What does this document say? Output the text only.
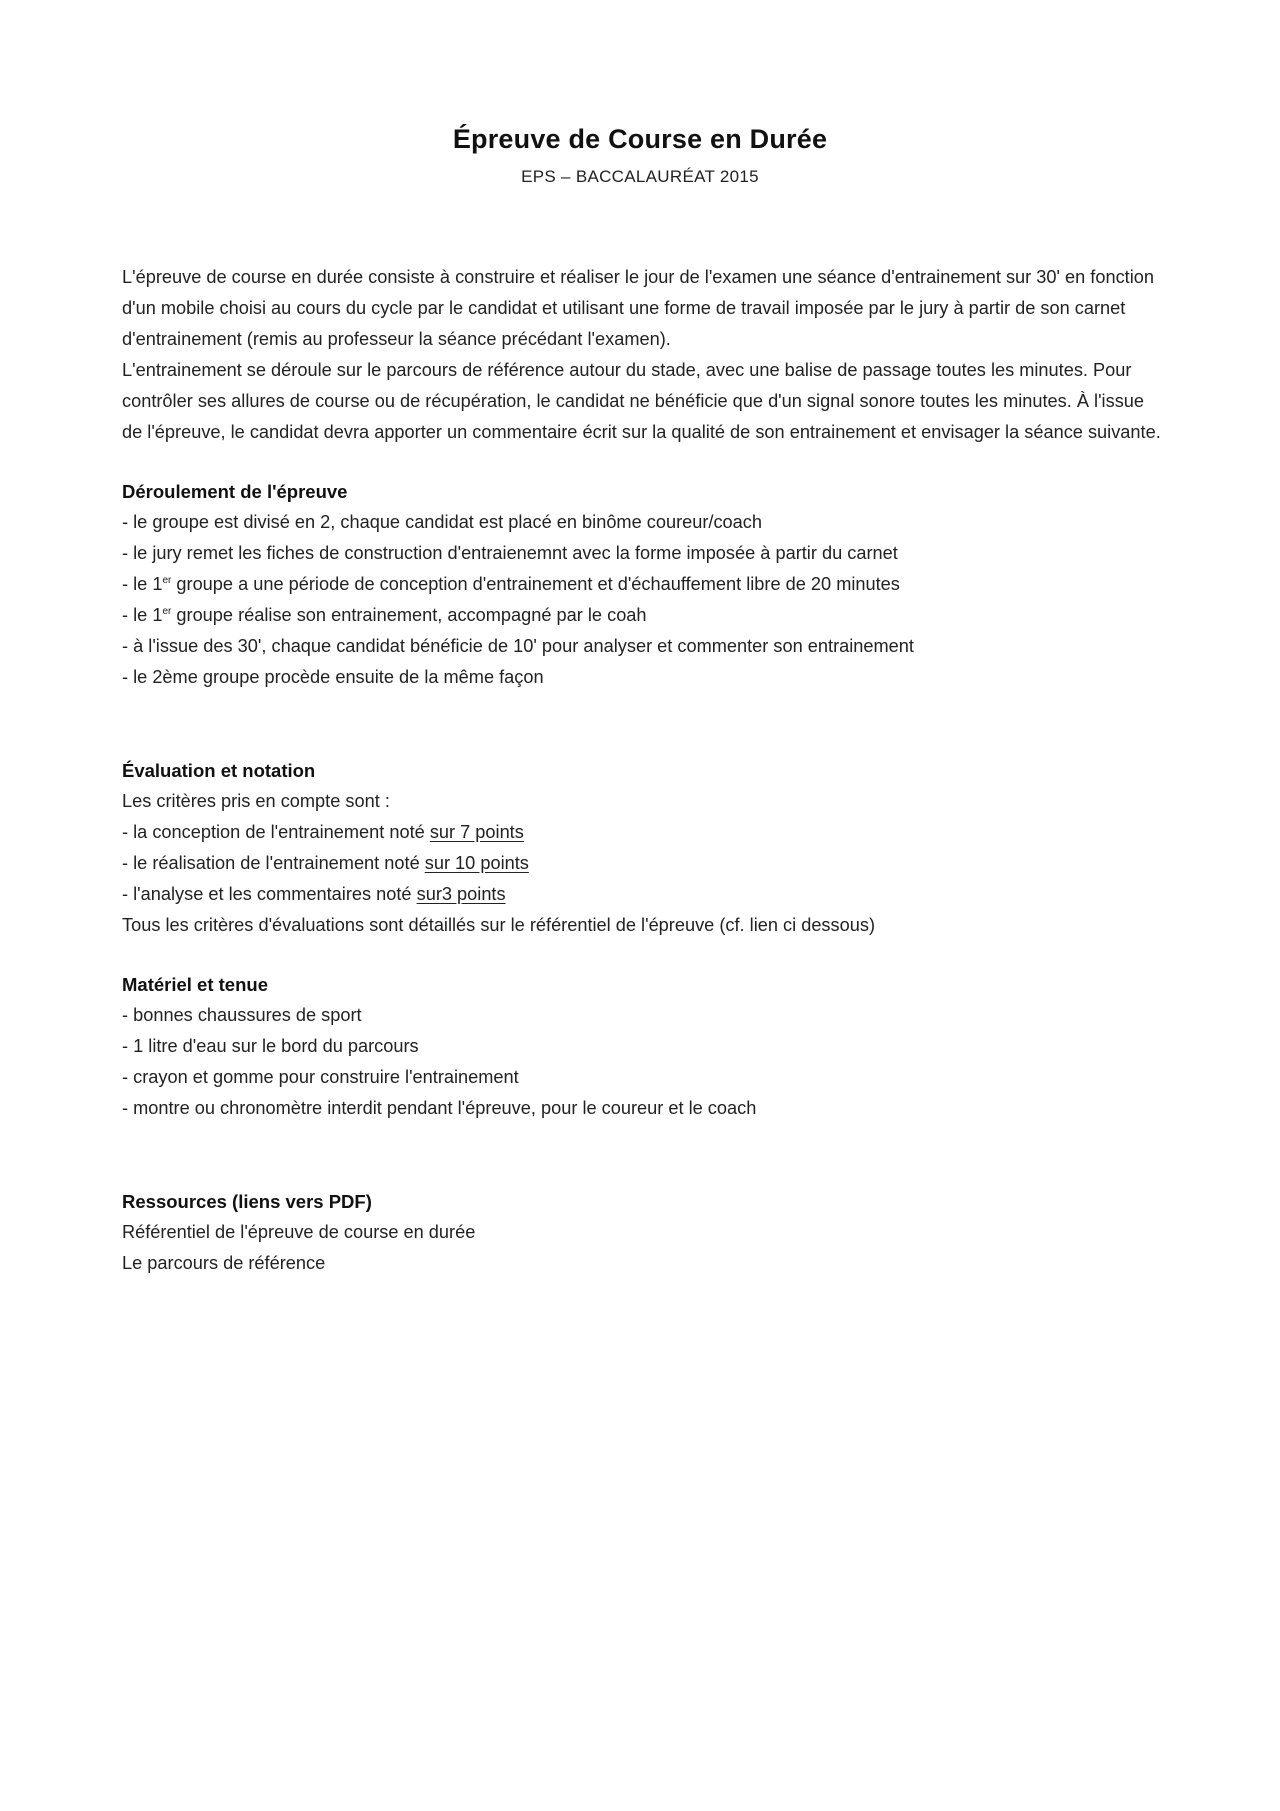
Épreuve de Course en Durée
EPS – BACCALAURÉAT 2015

L'épreuve de course en durée consiste à construire et réaliser le jour de l'examen une séance d'entrainement sur 30' en fonction d'un mobile choisi au cours du cycle par le candidat et utilisant une forme de travail imposée par le jury à partir de son carnet d'entrainement (remis au professeur la séance précédant l'examen).

L'entrainement se déroule sur le parcours de référence autour du stade, avec une balise de passage toutes les minutes. Pour contrôler ses allures de course ou de récupération, le candidat ne bénéficie que d'un signal sonore toutes les minutes. À l'issue de l'épreuve, le candidat devra apporter un commentaire écrit sur la qualité de son entrainement et envisager la séance suivante.

Déroulement de l'épreuve
- le groupe est divisé en 2, chaque candidat est placé en binôme coureur/coach
- le jury remet les fiches de construction d'entraienemnt avec la forme imposée à partir du carnet
- le 1er groupe a une période de conception d'entrainement et d'échauffement libre de 20 minutes
- le 1er groupe réalise son entrainement, accompagné par le coah
- à l'issue des 30', chaque candidat bénéficie de 10' pour analyser et commenter son entrainement
- le 2ème groupe procède ensuite de la même façon
Évaluation et notation

Les critères pris en compte sont :

- la conception de l'entrainement noté sur 7 points
- le réalisation de l'entrainement noté sur 10 points
- l'analyse et les commentaires noté sur3 points

Tous les critères d'évaluations sont détaillés sur le référentiel de l'épreuve (cf. lien ci dessous)

Matériel et tenue
- bonnes chaussures de sport
- 1 litre d'eau sur le bord du parcours
- crayon et gomme pour construire l'entrainement
- montre ou chronomètre interdit pendant l'épreuve, pour le coureur et le coach
Ressources (liens vers PDF)
Référentiel de l'épreuve de course en durée
Le parcours de référence
